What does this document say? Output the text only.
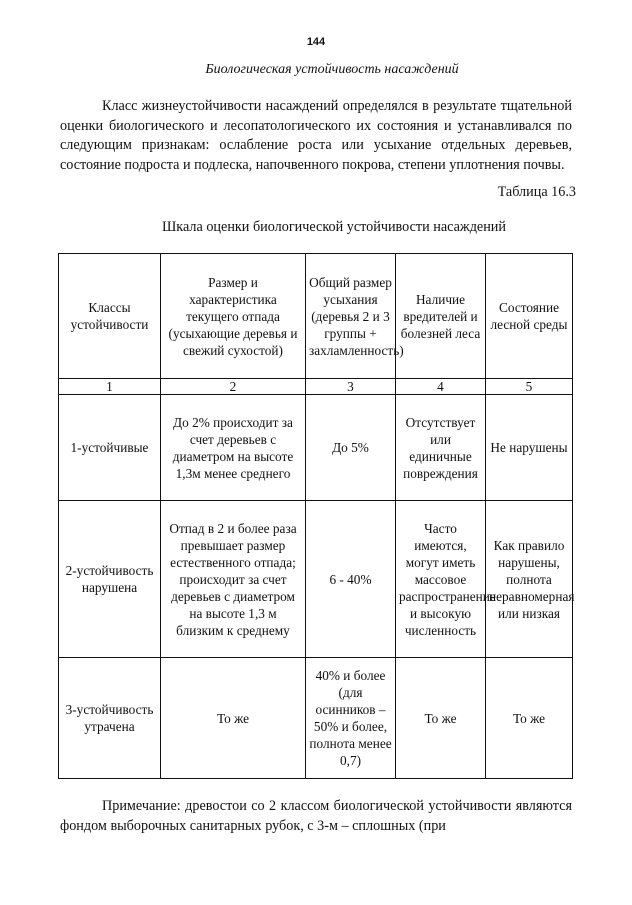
144
Биологическая устойчивость насаждений

Класс жизнеустойчивости насаждений определялся в результате тщательной оценки биологического и лесопатологического их состояния и устанавливался по следующим признакам: ослабление роста или усыхание отдельных деревьев, состояние подроста и подлеска, напочвенного покрова, степени уплотнения почвы.

Таблица 16.3
Шкала оценки биологической устойчивости насаждений
Классы устойчивости	Размер и характеристика текущего отпада (усыхающие деревья и свежий сухостой)	Общий размер усыхания (деревья 2 и 3 группы + захламленность)	Наличие вредителей и болезней леса	Состояние лесной среды
1	2	3	4	5
1-устойчивые	До 2% происходит за счет деревьев с диаметром на высоте 1,3м менее среднего	До 5%	Отсутствует или единичные повреждения	Не нарушены
2-устойчивость нарушена	Отпад в 2 и более раза превышает размер естественного отпада; происходит за счет деревьев с диаметром на высоте 1,3 м близким к среднему	6 - 40%	Часто имеются, могут иметь массовое распространение и высокую численность	Как правило нарушены, полнота неравномерная или низкая
3-устойчивость утрачена	То же	40% и более (для осинников – 50% и более, полнота менее 0,7)	То же	То же

Примечание: древостои со 2 классом биологической устойчивости являются фондом выборочных санитарных рубок, с 3-м – сплошных (при
